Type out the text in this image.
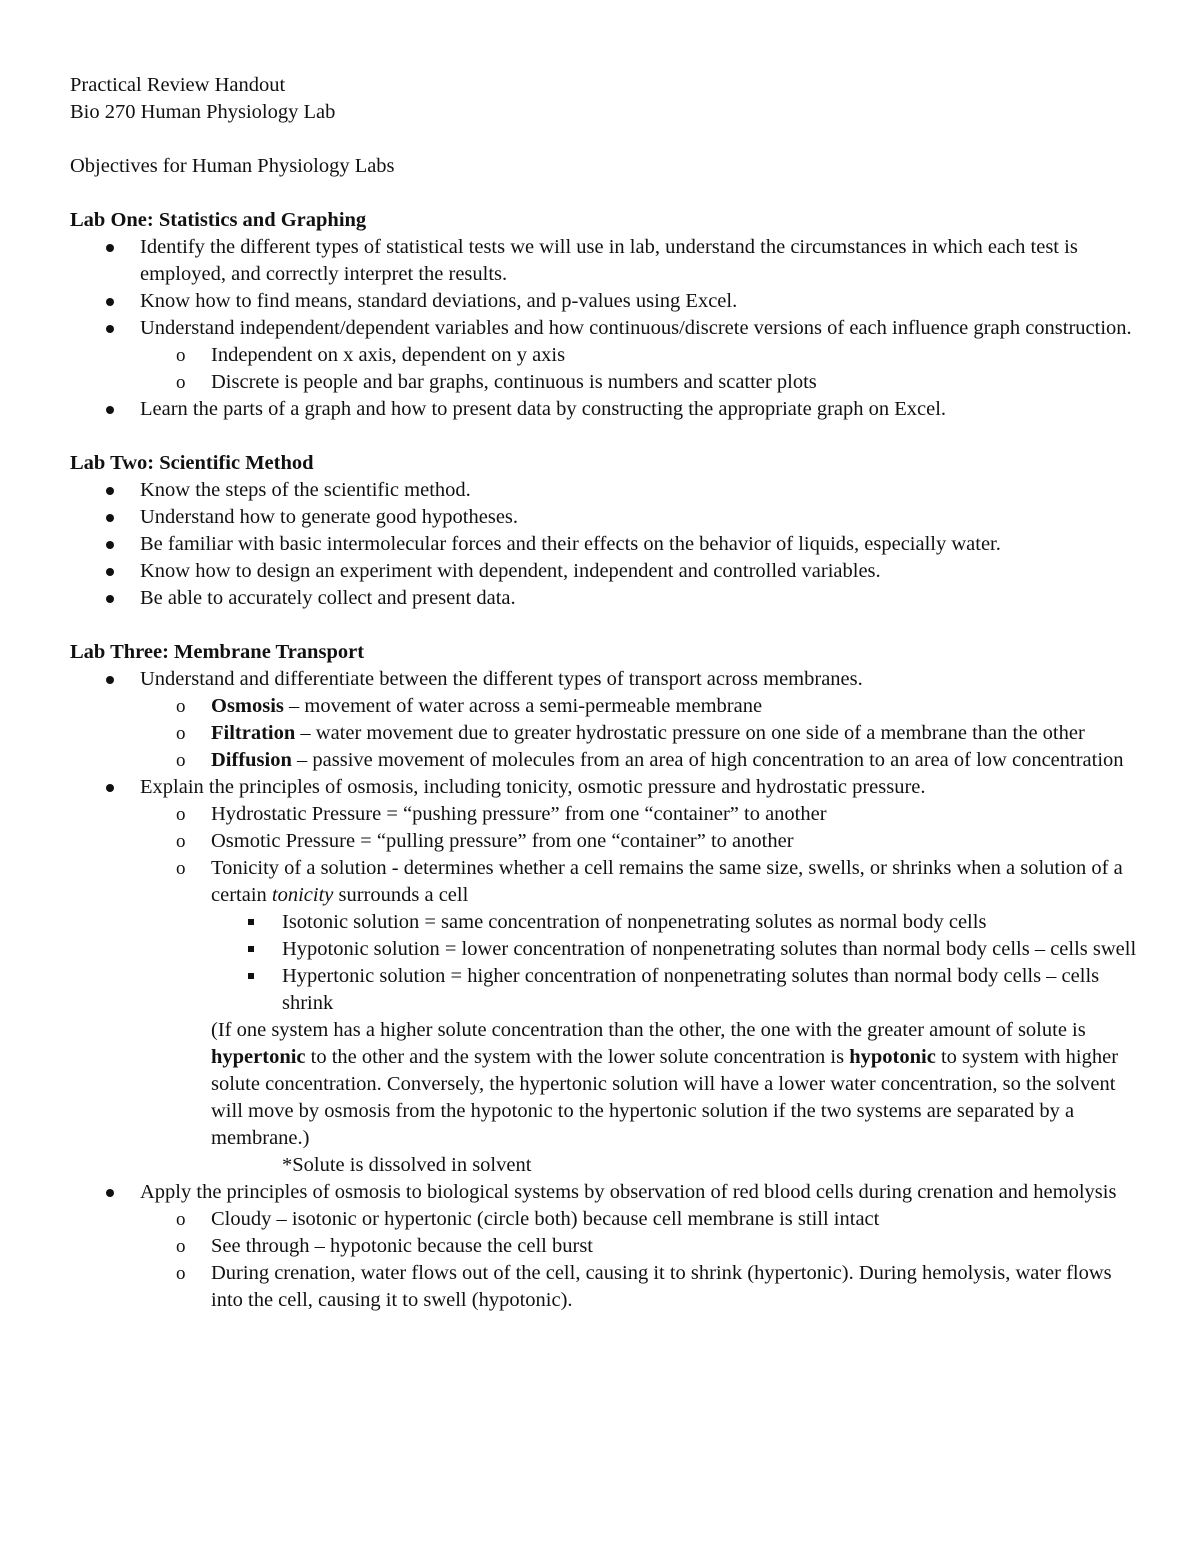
Practical Review Handout

Bio 270 Human Physiology Lab

Objectives for Human Physiology Labs

Lab One: Statistics and Graphing
Identify the different types of statistical tests we will use in lab, understand the circumstances in which each test is employed, and correctly interpret the results.
Know how to find means, standard deviations, and p-values using Excel.
Understand independent/dependent variables and how continuous/discrete versions of each influence graph construction.
o Independent on x axis, dependent on y axis
o Discrete is people and bar graphs, continuous is numbers and scatter plots
Learn the parts of a graph and how to present data by constructing the appropriate graph on Excel.
Lab Two: Scientific Method
Know the steps of the scientific method.
Understand how to generate good hypotheses.
Be familiar with basic intermolecular forces and their effects on the behavior of liquids, especially water.
Know how to design an experiment with dependent, independent and controlled variables.
Be able to accurately collect and present data.
Lab Three: Membrane Transport
Understand and differentiate between the different types of transport across membranes.
o Osmosis – movement of water across a semi-permeable membrane
o Filtration – water movement due to greater hydrostatic pressure on one side of a membrane than the other
o Diffusion – passive movement of molecules from an area of high concentration to an area of low concentration
Explain the principles of osmosis, including tonicity, osmotic pressure and hydrostatic pressure.
o Hydrostatic Pressure = “pushing pressure” from one “container” to another
o Osmotic Pressure = “pulling pressure” from one “container” to another
o Tonicity of a solution - determines whether a cell remains the same size, swells, or shrinks when a solution of a certain tonicity surrounds a cell
Isotonic solution = same concentration of nonpenetrating solutes as normal body cells
Hypotonic solution = lower concentration of nonpenetrating solutes than normal body cells – cells swell
Hypertonic solution = higher concentration of nonpenetrating solutes than normal body cells – cells shrink

(If one system has a higher solute concentration than the other, the one with the greater amount of solute is hypertonic to the other and the system with the lower solute concentration is hypotonic to system with higher solute concentration. Conversely, the hypertonic solution will have a lower water concentration, so the solvent will move by osmosis from the hypotonic to the hypertonic solution if the two systems are separated by a membrane.)

*Solute is dissolved in solvent

Apply the principles of osmosis to biological systems by observation of red blood cells during crenation and hemolysis
o Cloudy – isotonic or hypertonic (circle both) because cell membrane is still intact
o See through – hypotonic because the cell burst
o During crenation, water flows out of the cell, causing it to shrink (hypertonic). During hemolysis, water flows into the cell, causing it to swell (hypotonic).
